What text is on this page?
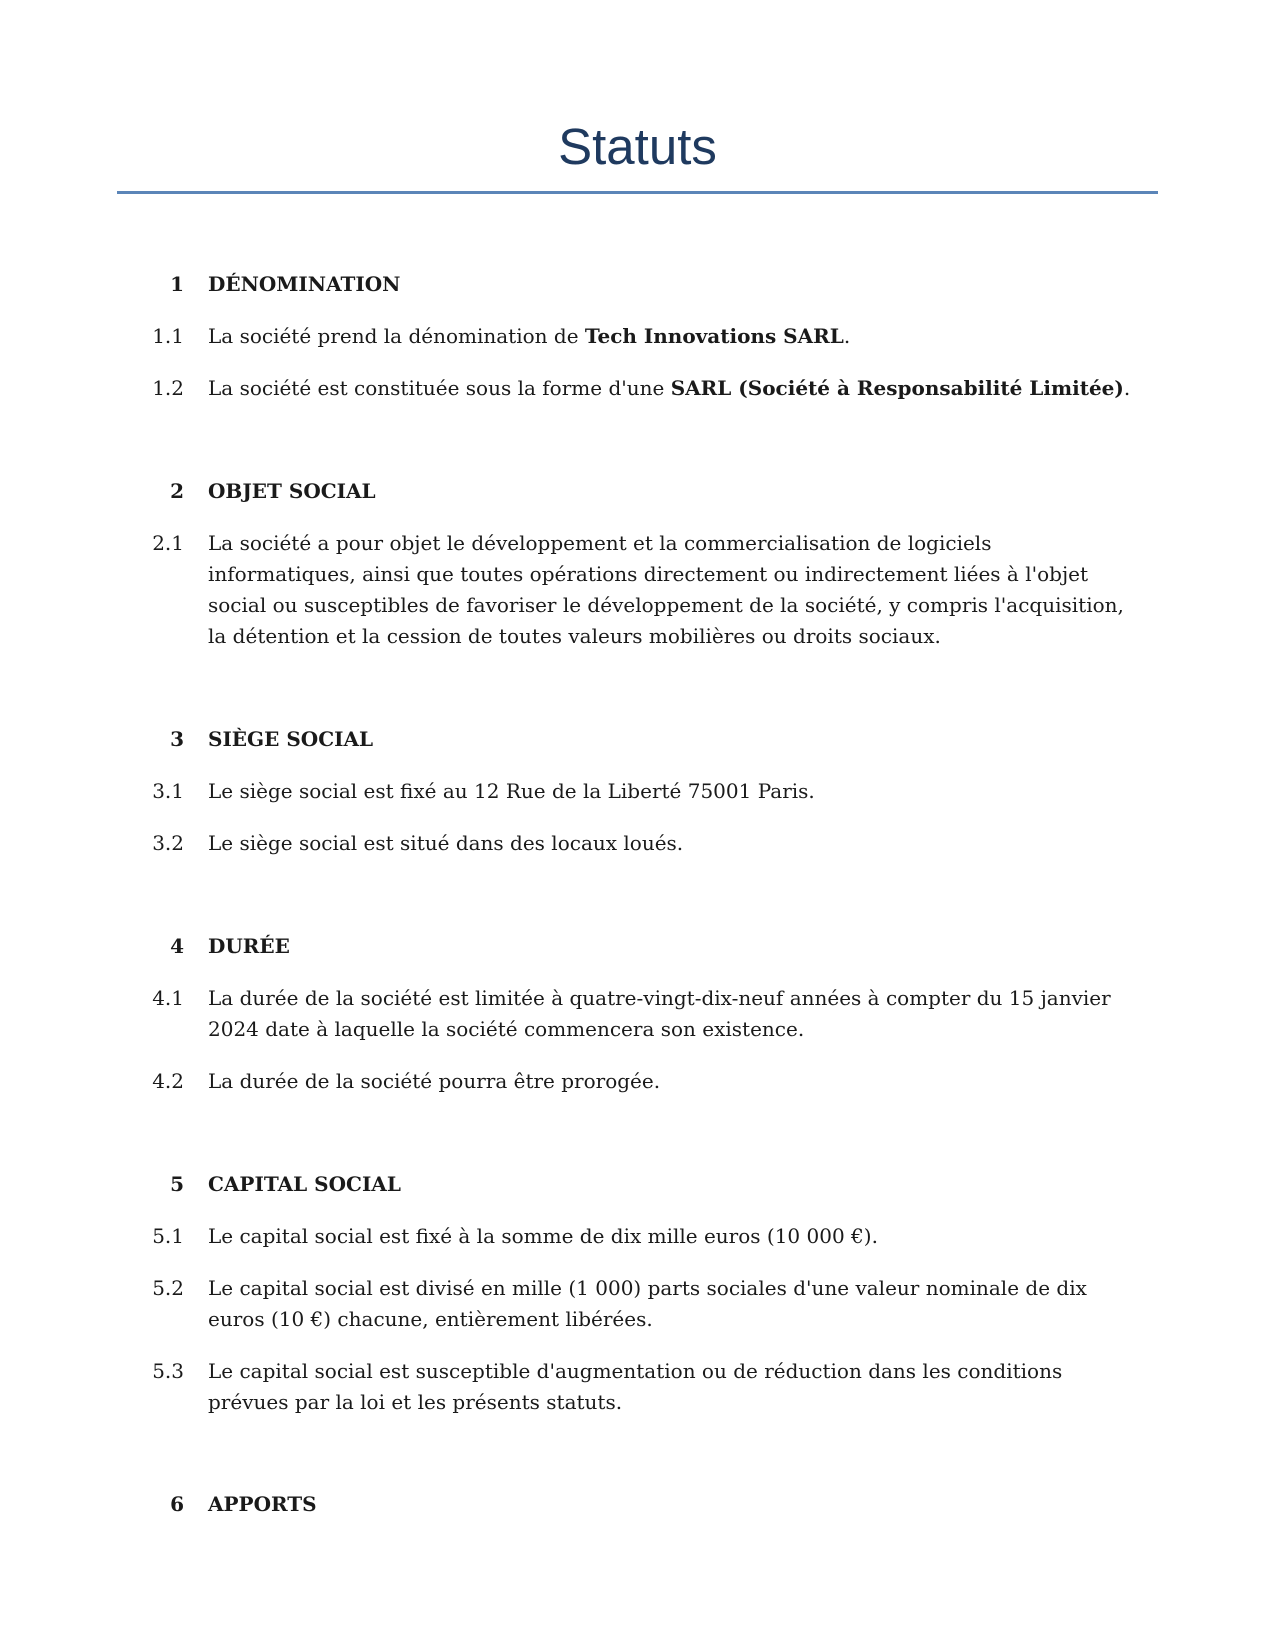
Statuts
1 DÉNOMINATION
1.1 La société prend la dénomination de Tech Innovations SARL.
1.2 La société est constituée sous la forme d'une SARL (Société à Responsabilité Limitée).
2 OBJET SOCIAL
2.1 La société a pour objet le développement et la commercialisation de logiciels informatiques, ainsi que toutes opérations directement ou indirectement liées à l'objet social ou susceptibles de favoriser le développement de la société, y compris l'acquisition, la détention et la cession de toutes valeurs mobilières ou droits sociaux.
3 SIÈGE SOCIAL
3.1 Le siège social est fixé au 12 Rue de la Liberté 75001 Paris.
3.2 Le siège social est situé dans des locaux loués.
4 DURÉE
4.1 La durée de la société est limitée à quatre-vingt-dix-neuf années à compter du 15 janvier 2024 date à laquelle la société commencera son existence.
4.2 La durée de la société pourra être prorogée.
5 CAPITAL SOCIAL
5.1 Le capital social est fixé à la somme de dix mille euros (10 000 €).
5.2 Le capital social est divisé en mille (1 000) parts sociales d'une valeur nominale de dix euros (10 €) chacune, entièrement libérées.
5.3 Le capital social est susceptible d'augmentation ou de réduction dans les conditions prévues par la loi et les présents statuts.
6 APPORTS
